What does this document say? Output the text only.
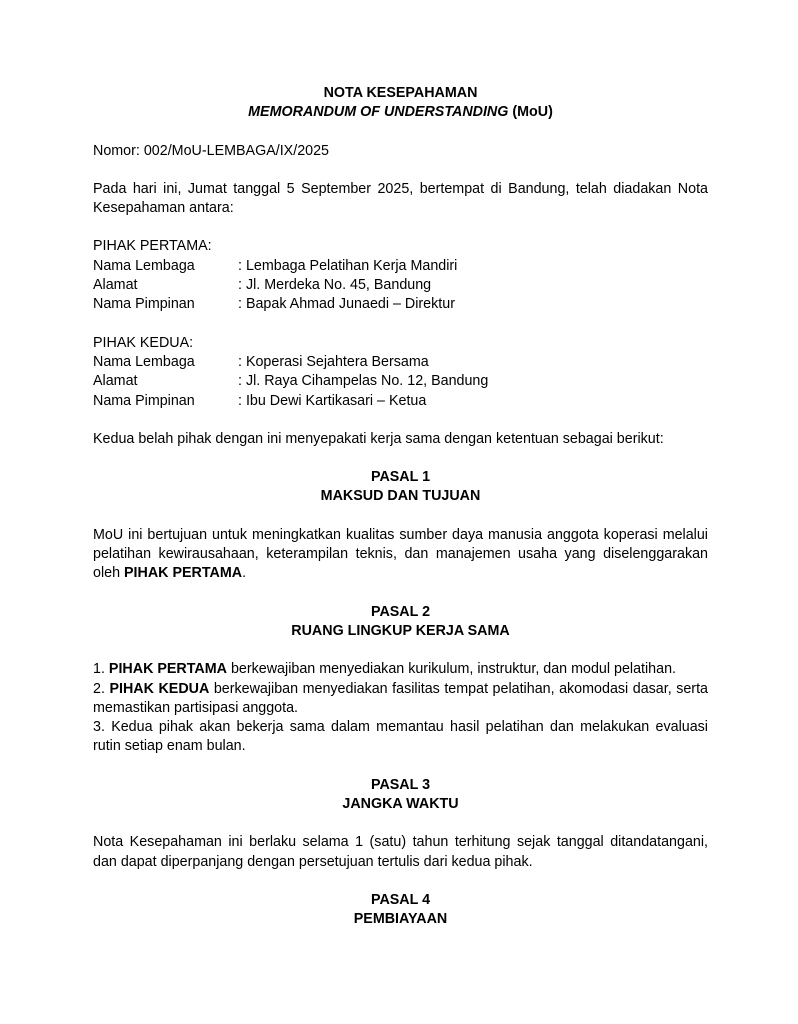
NOTA KESEPAHAMAN

MEMORANDUM OF UNDERSTANDING (MoU)

Nomor: 002/MoU-LEMBAGA/IX/2025

Pada hari ini, Jumat tanggal 5 September 2025, bertempat di Bandung, telah diadakan Nota Kesepahaman antara:

PIHAK PERTAMA:

Nama Lembaga	: Lembaga Pelatihan Kerja Mandiri
Alamat	: Jl. Merdeka No. 45, Bandung
Nama Pimpinan	: Bapak Ahmad Junaedi – Direktur

PIHAK KEDUA:

Nama Lembaga	: Koperasi Sejahtera Bersama
Alamat	: Jl. Raya Cihampelas No. 12, Bandung
Nama Pimpinan	: Ibu Dewi Kartikasari – Ketua

Kedua belah pihak dengan ini menyepakati kerja sama dengan ketentuan sebagai berikut:

PASAL 1

MAKSUD DAN TUJUAN

MoU ini bertujuan untuk meningkatkan kualitas sumber daya manusia anggota koperasi melalui pelatihan kewirausahaan, keterampilan teknis, dan manajemen usaha yang diselenggarakan oleh PIHAK PERTAMA.

PASAL 2

RUANG LINGKUP KERJA SAMA

1. PIHAK PERTAMA berkewajiban menyediakan kurikulum, instruktur, dan modul pelatihan.

2. PIHAK KEDUA berkewajiban menyediakan fasilitas tempat pelatihan, akomodasi dasar, serta memastikan partisipasi anggota.

3. Kedua pihak akan bekerja sama dalam memantau hasil pelatihan dan melakukan evaluasi rutin setiap enam bulan.

PASAL 3

JANGKA WAKTU

Nota Kesepahaman ini berlaku selama 1 (satu) tahun terhitung sejak tanggal ditandatangani, dan dapat diperpanjang dengan persetujuan tertulis dari kedua pihak.

PASAL 4

PEMBIAYAAN
